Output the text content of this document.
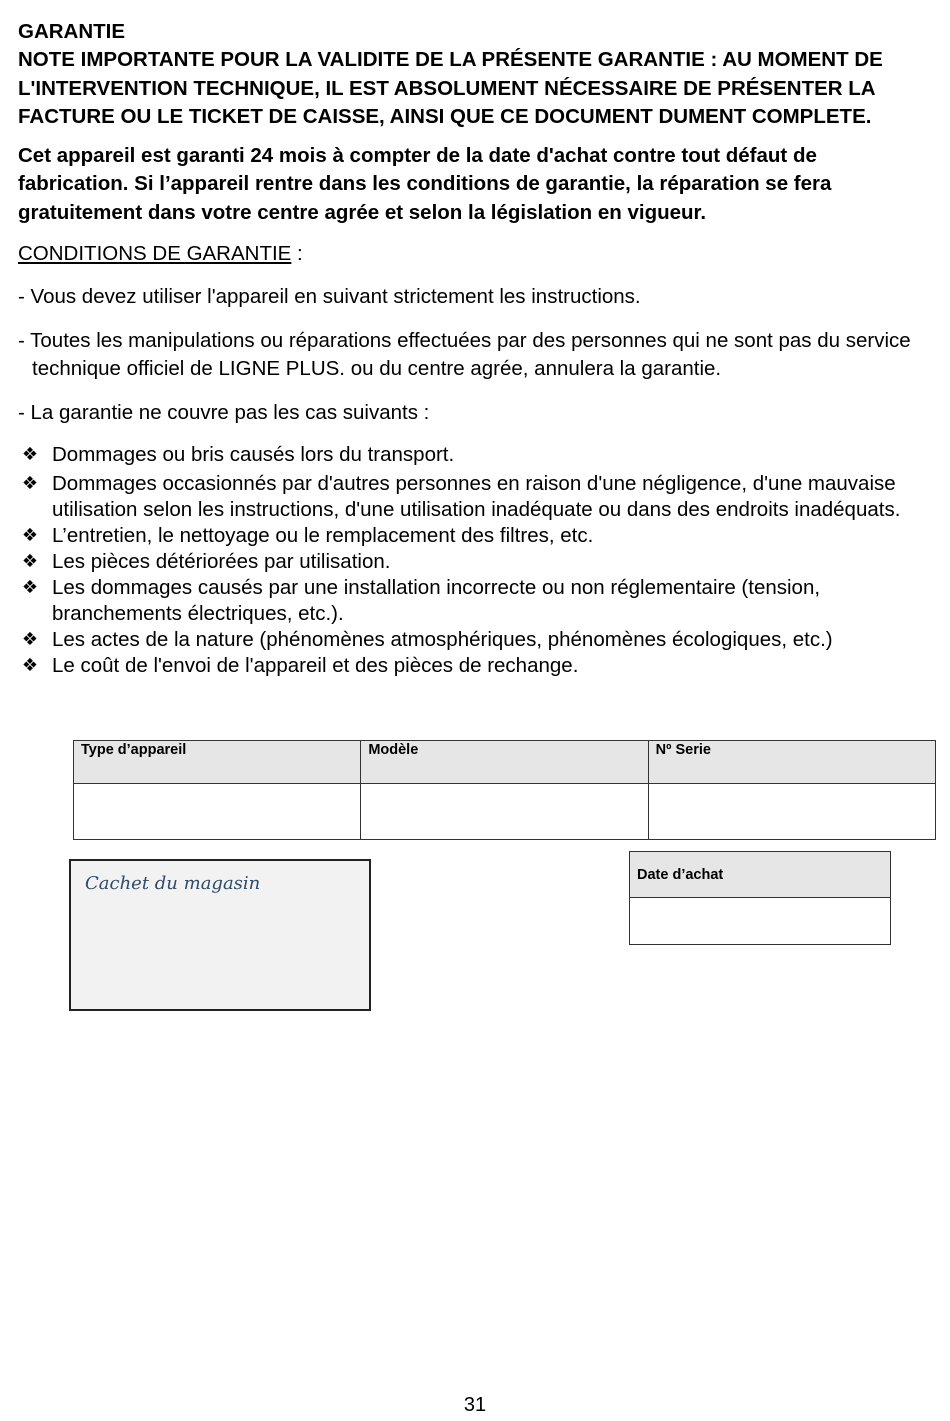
GARANTIE

NOTE IMPORTANTE POUR LA VALIDITE DE LA PRÉSENTE GARANTIE : AU MOMENT DE L'INTERVENTION TECHNIQUE, IL EST ABSOLUMENT NÉCESSAIRE DE PRÉSENTER LA FACTURE OU LE TICKET DE CAISSE, AINSI QUE CE DOCUMENT DUMENT COMPLETE.

Cet appareil est garanti 24 mois à compter de la date d'achat contre tout défaut de fabrication. Si l’appareil rentre dans les conditions de garantie, la réparation se fera gratuitement dans votre centre agrée et selon la législation en vigueur.

CONDITIONS DE GARANTIE :

- Vous devez utiliser l'appareil en suivant strictement les instructions.

- Toutes les manipulations ou réparations effectuées par des personnes qui ne sont pas du service technique officiel de LIGNE PLUS. ou du centre agrée, annulera la garantie.

- La garantie ne couvre pas les cas suivants :

❖ Dommages ou bris causés lors du transport.
❖ Dommages occasionnés par d'autres personnes en raison d'une négligence, d'une mauvaise utilisation selon les instructions, d'une utilisation inadéquate ou dans des endroits inadéquats.
❖ L’entretien, le nettoyage ou le remplacement des filtres, etc.
❖ Les pièces détériorées par utilisation.
❖ Les dommages causés par une installation incorrecte ou non réglementaire (tension, branchements électriques, etc.).
❖ Les actes de la nature (phénomènes atmosphériques, phénomènes écologiques, etc.)
❖ Le coût de l'envoi de l'appareil et des pièces de rechange.
Type d’appareil	Modèle	Nº Serie

Cachet du magasin	Date d’achat

31
